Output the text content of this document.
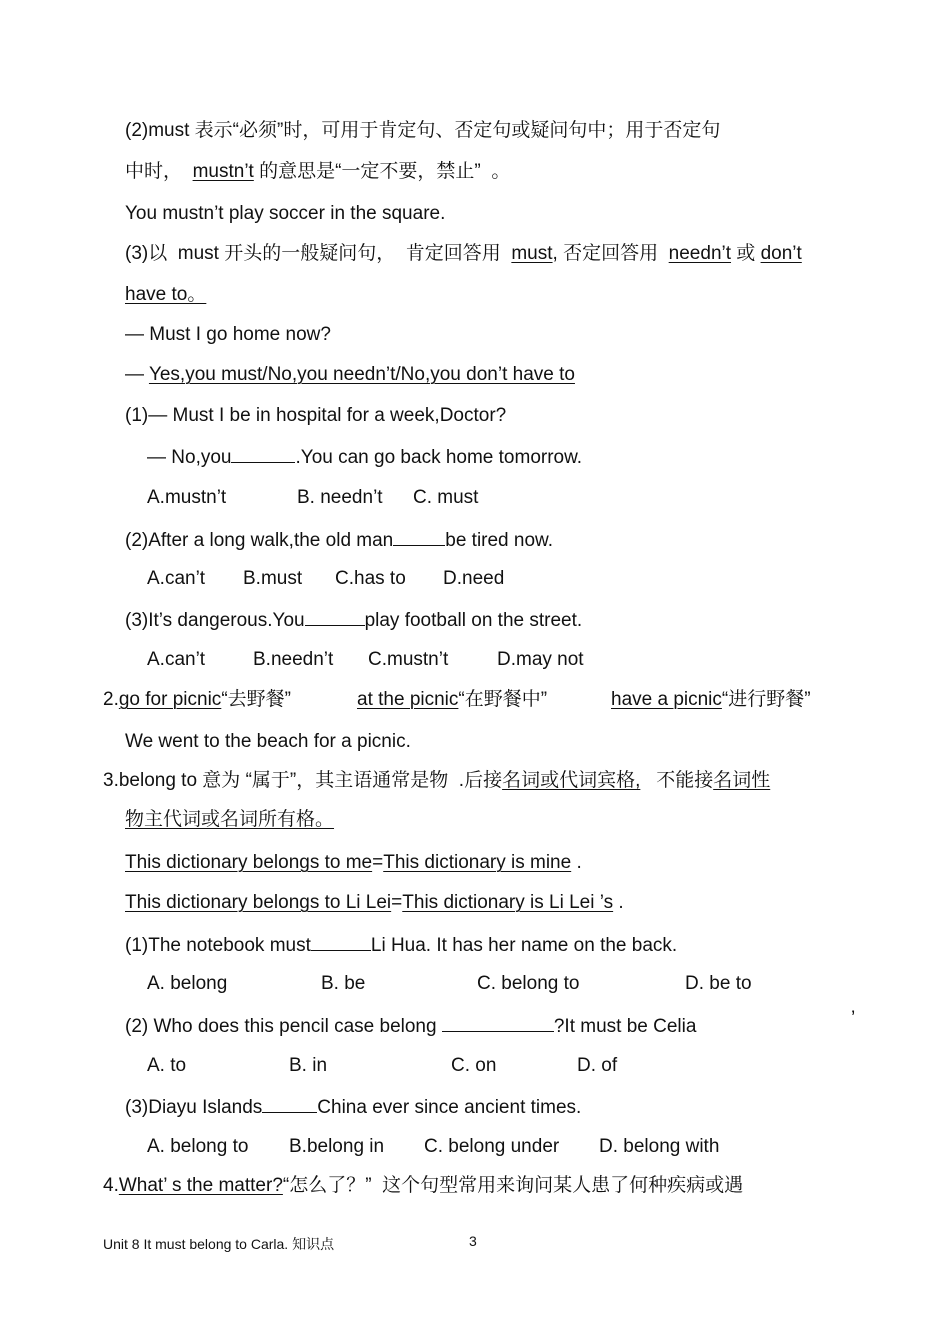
(2)must 表示“必须”时，可用于肯定句、否定句或疑问句中；用于否定句
中时， mustn’t 的意思是“一定不要，禁止”  。
You mustn’t play soccer in the square.
(3)以  must 开头的一般疑问句，  肯定回答用  must, 否定回答用  needn’t 或 don’t
have to。
— Must I go home now?
— Yes,you must/No,you needn’t/No,you don’t have to
(1)— Must I be in hospital for a week,Doctor?
— No,you	.You can go back home tomorrow.
A.mustn’t	B. needn’t C. must
(2)After a long walk,the old man	be tired now.
A.can’t B.must C.has to D.need
(3)It’s dangerous.You	play football on the street.
A.can’t	B.needn’t C.mustn’t	D.may not
2.go for picnic“去野餐”	at the picnic“在野餐中”	have a picnic“进行野餐”
We went to the beach for a picnic.
3.belong to 意为 “属于”，其主语通常是物  .后接名词或代词宾格,   不能接名词性
物主代词或名词所有格。
This dictionary belongs to me=This dictionary is mine .
This dictionary belongs to Li Lei=This dictionary is Li Lei ’s .
(1)The notebook must	Li Hua. It has her name on the back.
A. belong	B. be	C. belong to	D. be to
(2) Who does this pencil case belong	?It must be Celia	’
A. to	B. in	C. on	D. of
(3)Diayu Islands	China ever since ancient times.
A. belong to B.belong in C. belong under D. belong with
4.What’ s the matter?“怎么了？”  这个句型常用来询问某人患了何种疾病或遇
Unit 8 It must belong to Carla. 知识点	3
